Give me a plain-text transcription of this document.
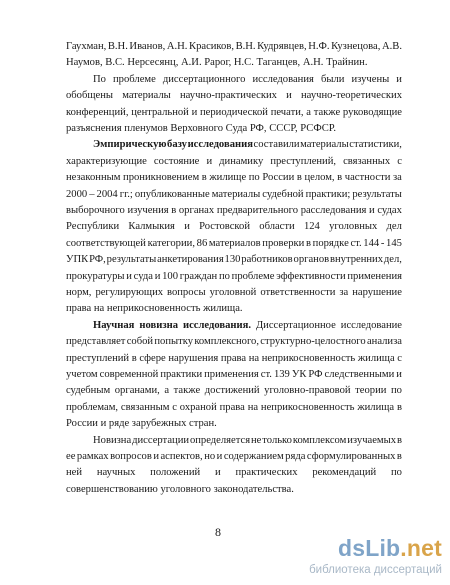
Гаухман, В.Н. Иванов, А.Н. Красиков, В.Н. Кудрявцев, Н.Ф. Кузнецова, А.В.
Наумов, В.С. Нерсесянц, А.И. Рарог, Н.С. Таганцев, А.Н. Трайнин.
По проблеме диссертационного исследования были изучены и
обобщены материалы научно-практических и научно-теоретических
конференций, центральной и периодической печати, а также руководящие
разъяснения пленумов Верховного Суда РФ, СССР, РСФСР.
Эмпирическую базу исследования составили материалы статистики,
характеризующие состояние и динамику преступлений, связанных с
незаконным проникновением в жилище по России в целом, в частности за
2000 – 2004 гг.; опубликованные материалы судебной практики; результаты
выборочного изучения в органах предварительного расследования и судах
Республики Калмыкия и Ростовской области 124 уголовных дел
соответствующей категории, 86 материалов проверки в порядке ст. 144 - 145
УПК РФ, результаты анкетирования 130 работников органов внутренних дел,
прокуратуры и суда и 100 граждан по проблеме эффективности применения
норм, регулирующих вопросы уголовной ответственности за нарушение
права на неприкосновенность жилища.
Научная новизна исследования. Диссертационное исследование
представляет собой попытку комплексного, структурно-целостного анализа
преступлений в сфере нарушения права на неприкосновенность жилища с
учетом современной практики применения ст. 139 УК РФ следственными и
судебным органами, а также достижений уголовно-правовой теории по
проблемам, связанным с охраной права на неприкосновенность жилища в
России и ряде зарубежных стран.
Новизна диссертации определяется не только комплексом изучаемых в
ее рамках вопросов и аспектов, но и содержанием ряда сформулированных в
ней научных положений и практических рекомендаций по
совершенствованию уголовного законодательства.
8
dsLib.net
библиотека диссертаций
